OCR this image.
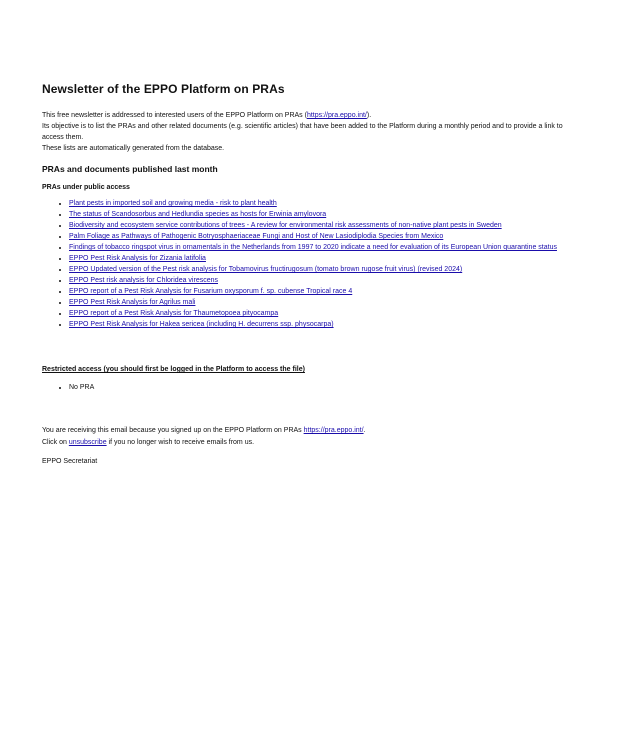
Newsletter of the EPPO Platform on PRAs

This free newsletter is addressed to interested users of the EPPO Platform on PRAs (https://pra.eppo.int/).

Its objective is to list the PRAs and other related documents (e.g. scientific articles) that have been added to the Platform during a monthly period and to provide a link to access them.

These lists are automatically generated from the database.

PRAs and documents published last month
PRAs under public access
• Plant pests in imported soil and growing media - risk to plant health
• The status of Scandosorbus and Hedlundia species as hosts for Erwinia amylovora
• Biodiversity and ecosystem service contributions of trees - A review for environmental risk assessments of non-native plant pests in Sweden
• Palm Foliage as Pathways of Pathogenic Botryosphaeriaceae Fungi and Host of New Lasiodiplodia Species from Mexico
• Findings of tobacco ringspot virus in ornamentals in the Netherlands from 1997 to 2020 indicate a need for evaluation of its European Union quarantine status
• EPPO Pest Risk Analysis for Zizania latifolia
• EPPO Updated version of the Pest risk analysis for Tobamovirus fructirugosum (tomato brown rugose fruit virus) (revised 2024)
• EPPO Pest risk analysis for Chloridea virescens
• EPPO report of a Pest Risk Analysis for Fusarium oxysporum f. sp. cubense Tropical race 4
• EPPO Pest Risk Analysis for Agrilus mali
• EPPO report of a Pest Risk Analysis for Thaumetopoea pityocampa
• EPPO Pest Risk Analysis for Hakea sericea (including H. decurrens ssp. physocarpa)
Restricted access (you should first be logged in the Platform to access the file)
• No PRA

You are receiving this email because you signed up on the EPPO Platform on PRAs https://pra.eppo.int/.

Click on unsubscribe if you no longer wish to receive emails from us.

EPPO Secretariat
